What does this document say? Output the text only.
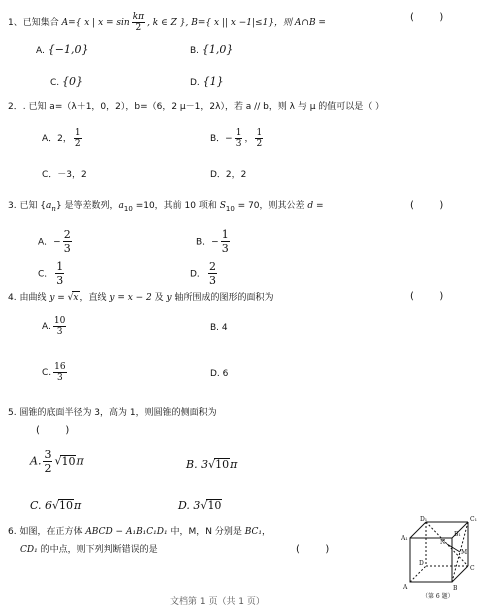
1、已知集合 A={ x | $x = \sin \frac{k\pi}{2}$ , k ∈ Z }, B={ x || x −1|≤1}，则 A∩B =	(        )
A. {−1,0}	B. {1,0}
C. {0}	D. {1}
2．. 已知 a=（λ＋1，0，2），b=（6，2 μ－1，2λ），若 a // b，则 λ 与 μ 的值可以是（ ）
A．2， $\frac{1}{2}$	B．− $\frac{1}{3}$ ， $\frac{1}{2}$
C．－3，2	D．2，2
3. 已知 $\{a_n\}$ 是等差数列，$a_{10} =10$，其前 10 项和 $S_{10} = 70$，则其公差 d =	(        )
A．− $\frac{2}{3}$	B．− $\frac{1}{3}$
C． $\frac{1}{3}$	D． $\frac{2}{3}$
4. 由曲线 y = √x，直线 y = x − 2 及 y 轴所围成的图形的面积为	(        )
A. $\frac{10}{3}$	B. 4
C. $\frac{16}{3}$	D. 6
5. 圆锥的底面半径为 3，高为 1，则圆锥的侧面积为
(        )
A. $\frac{3}{2} √10\pi$	B. 3√10π
C. 6√10π	D. 3√10
6. 如图，在正方体 ABCD − A₁B₁C₁D₁ 中，M，N 分别是 BC₁，
CD₁ 的中点，则下列判断错误的是	(        )
D₁	C₁
A₁
B₁
D
C
A	B
N
M
（第 6 题）
文档第 1 页（共 1 页）
